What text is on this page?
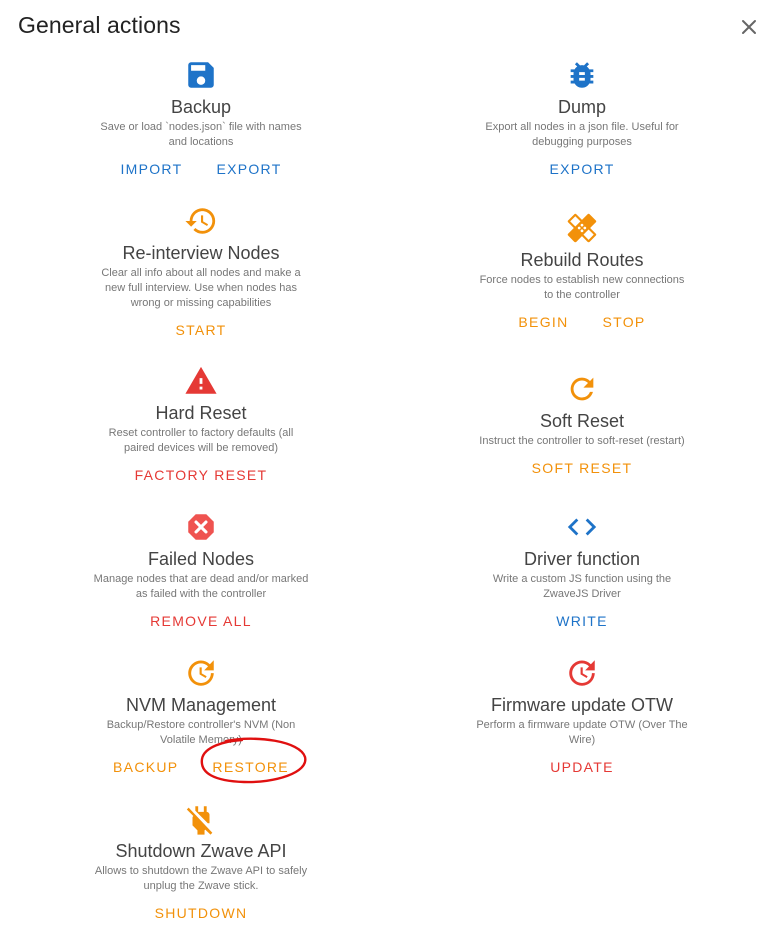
General actions
Backup
Save or load `nodes.json` file with names and locations
IMPORT EXPORT
Dump
Export all nodes in a json file. Useful for debugging purposes
EXPORT
Re-interview Nodes
Clear all info about all nodes and make a new full interview. Use when nodes has wrong or missing capabilities
START
Rebuild Routes
Force nodes to establish new connections to the controller
BEGIN STOP
Hard Reset
Reset controller to factory defaults (all paired devices will be removed)
FACTORY RESET
Soft Reset
Instruct the controller to soft-reset (restart)
SOFT RESET
Failed Nodes
Manage nodes that are dead and/or marked as failed with the controller
REMOVE ALL
Driver function
Write a custom JS function using the ZwaveJS Driver
WRITE
NVM Management
Backup/Restore controller's NVM (Non Volatile Memory)
BACKUP RESTORE
Firmware update OTW
Perform a firmware update OTW (Over The Wire)
UPDATE
Shutdown Zwave API
Allows to shutdown the Zwave API to safely unplug the Zwave stick.
SHUTDOWN
